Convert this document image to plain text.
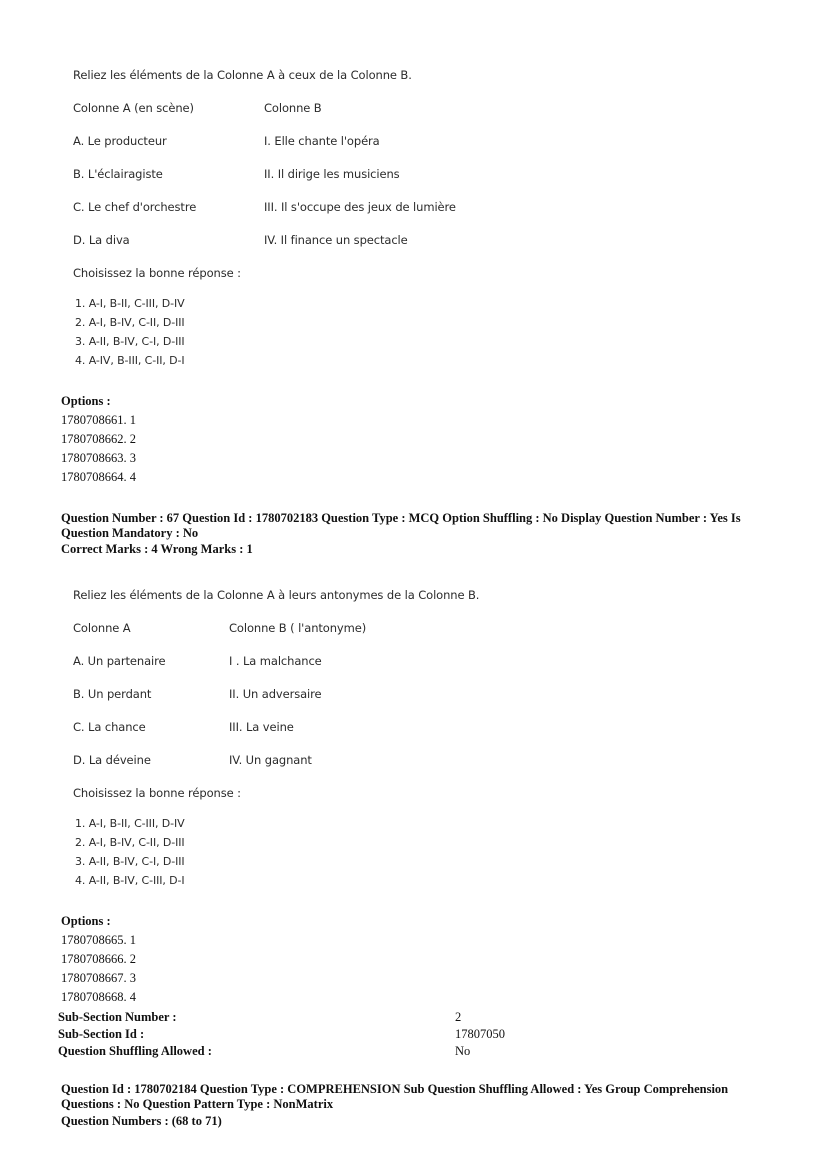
Reliez les éléments de la Colonne A à ceux de la Colonne B.
Colonne A (en scène)	Colonne B
A. Le producteur	I. Elle chante l'opéra
B. L'éclairagiste	II. Il dirige les musiciens
C. Le chef d'orchestre	III. Il s'occupe des jeux de lumière
D. La diva	IV. Il finance un spectacle
Choisissez la bonne réponse :
1. A-I, B-II, C-III, D-IV
2. A-I, B-IV, C-II, D-III
3. A-II, B-IV, C-I, D-III
4. A-IV, B-III, C-II, D-I
Options :
1780708661. 1
1780708662. 2
1780708663. 3
1780708664. 4
Question Number : 67 Question Id : 1780702183 Question Type : MCQ Option Shuffling : No Display Question Number : Yes Is
Question Mandatory : No
Correct Marks : 4 Wrong Marks : 1
Reliez les éléments de la Colonne A à leurs antonymes de la Colonne B.
Colonne A	Colonne B ( l'antonyme)
A. Un partenaire	I . La malchance
B. Un perdant	II. Un adversaire
C. La chance	III. La veine
D. La déveine	IV. Un gagnant
Choisissez la bonne réponse :
1. A-I, B-II, C-III, D-IV
2. A-I, B-IV, C-II, D-III
3. A-II, B-IV, C-I, D-III
4. A-II, B-IV, C-III, D-I
Options :
1780708665. 1
1780708666. 2
1780708667. 3
1780708668. 4
Sub-Section Number :	2
Sub-Section Id :	17807050
Question Shuffling Allowed :	No
Question Id : 1780702184 Question Type : COMPREHENSION Sub Question Shuffling Allowed : Yes Group Comprehension
Questions : No Question Pattern Type : NonMatrix
Question Numbers : (68 to 71)
